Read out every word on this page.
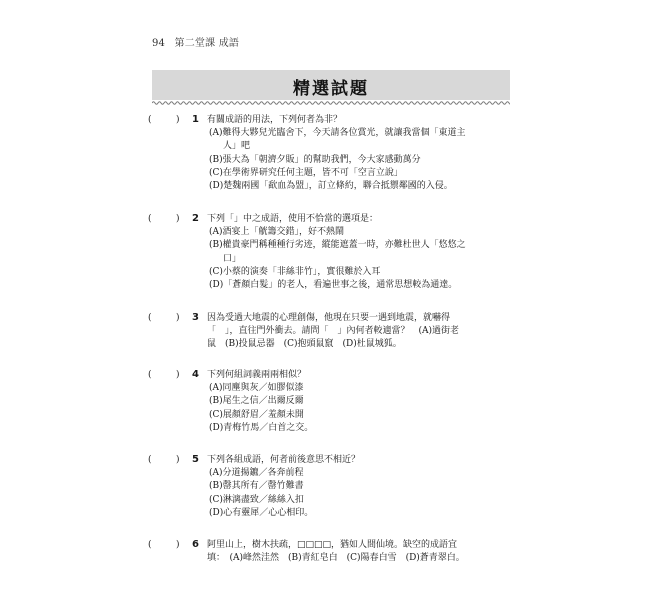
94 第二堂課 成語
精選試題
(	) 1 有關成語的用法，下列何者為非？
(A)難得大夥兒光臨舍下，今天請各位賞光，就讓我當個「東道主
人」吧
(B)張大為「朝濟夕販」的幫助我們，今大家感動萬分
(C)在學術界研究任何主題，皆不可「空言立說」
(D)楚魏兩國「歃血為盟」，訂立條約，聯合抵禦鄰國的入侵。
(	) 2 下列「」中之成語，使用不恰當的選項是：
(A)酒宴上「觥籌交錯」，好不熱鬧
(B)權貴豪門稱種種行劣迹，縱能遮蓋一時，亦難杜世人「悠悠之
口」
(C)小蔡的演奏「非絲非竹」，實很難於入耳
(D)「蒼顏白髮」的老人，看遍世事之後，通常思想較為通達。
(	) 3 因為受過大地震的心理創傷，他現在只要一遇到地震，就嚇得
「　」，直往門外衝去。請問「　」內何者較適當？　(A)過街老
鼠　(B)投鼠忌器　(C)抱頭鼠竄　(D)杜鼠城狐。
(	) 4 下列何組詞義兩兩相似？
(A)同塵與灰／如膠似漆
(B)尾生之信／出爾反爾
(C)展顏舒眉／羞顏未開
(D)青梅竹馬／白首之交。
(	) 5 下列各組成語，何者前後意思不相近？
(A)分道揚鑣／各奔前程
(B)罄其所有／罄竹難書
(C)淋漓盡致／絲絲入扣
(D)心有靈犀／心心相印。
(	) 6 阿里山上，樹木扶疏，□□□□，猶如人間仙境。缺空的成語宜
填：　(A)峰然洼然　(B)青紅皂白　(C)陽春白雪　(D)蒼青翠白。
